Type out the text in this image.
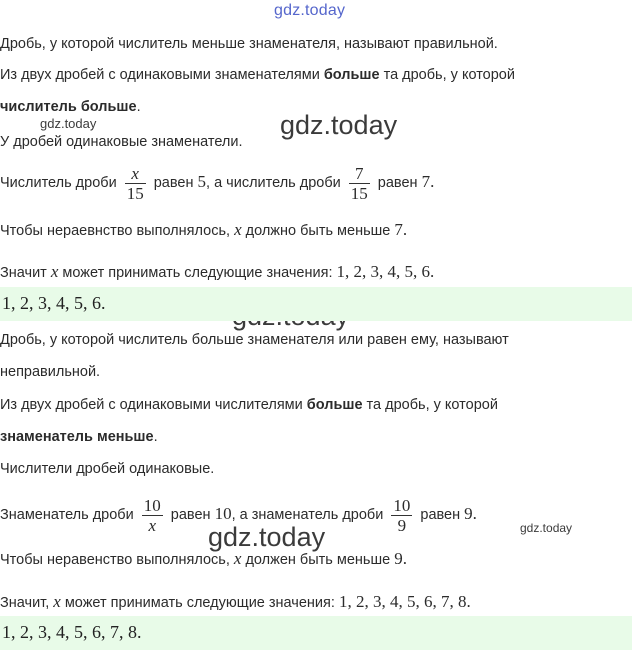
gdz.today
gdz.today
gdz.today
gdz.today	gdz.today
Дробь, у которой числитель меньше знаменателя, называют правильной.
Из двух дробей с одинаковыми знаменателями больше та дробь, у которой
числитель больше.
У дробей одинаковые знаменатели.
Числитель дроби $\frac{x}{15}$ равен 5, а числитель дроби $\frac{7}{15}$ равен 7.
Чтобы нераевнство выполнялось, x должно быть меньше 7.
Значит x может принимать следующие значения: 1, 2, 3, 4, 5, 6.
1, 2, 3, 4, 5, 6.
Дробь, у которой числитель больше знаменателя или равен ему, называют
неправильной.
Из двух дробей с одинаковыми числителями больше та дробь, у которой
знаменатель меньше.
Числители дробей одинаковые.
Знаменатель дроби $\frac{10}{x}$ равен 10, а знаменатель дроби $\frac{10}{9}$ равен 9.
Чтобы неравенство выполнялось, x должен быть меньше 9.
Значит, x может принимать следующие значения: 1, 2, 3, 4, 5, 6, 7, 8.
1, 2, 3, 4, 5, 6, 7, 8.
